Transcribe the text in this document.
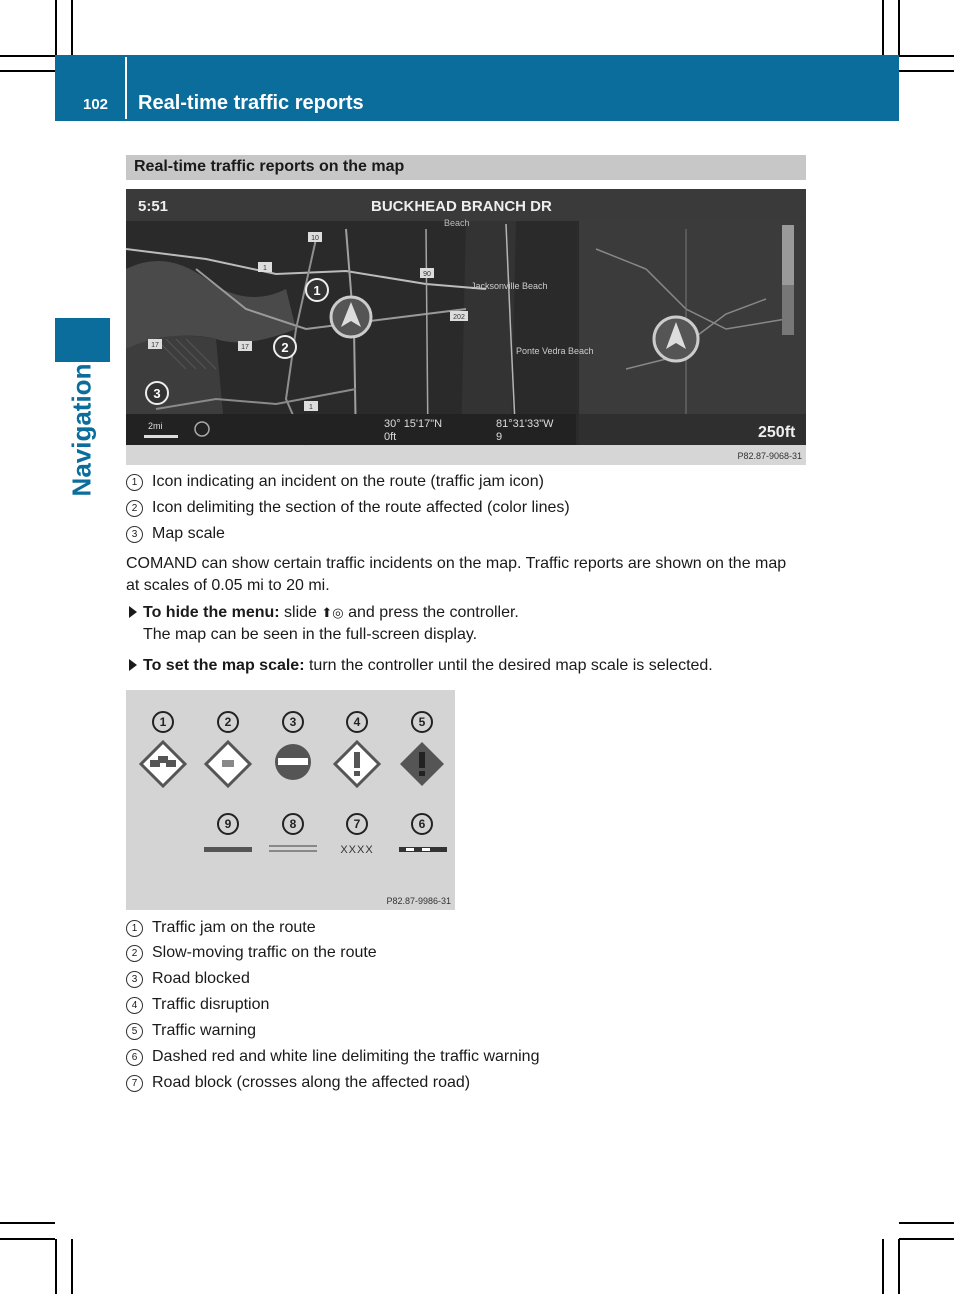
102 Real-time traffic reports
Navigation
Real-time traffic reports on the map
1
2
3
10
90
1
17	17
1
202
5:51	BUCKHEAD BRANCH DR
Beach
Jacksonville Beach
Ponte Vedra Beach
2mi	30° 15'17"N
0ft
81°31'33"W
9	250ft
P82.87-9068-31
1 Icon indicating an incident on the route (traffic jam icon)
2 Icon delimiting the section of the route affected (color lines)
3 Map scale
COMAND can show certain traffic incidents on the map. Traffic reports are shown on the map
at scales of 0.05 mi to 20 mi.
To hide the menu: slide ⬆◎ and press the controller.
The map can be seen in the full-screen display.
To set the map scale: turn the controller until the desired map scale is selected.
1	2	3	4	5
9	8	7	6
XXXX
P82.87-9986-31
1 Traffic jam on the route
2 Slow-moving traffic on the route
3 Road blocked
4 Traffic disruption
5 Traffic warning
6 Dashed red and white line delimiting the traffic warning
7 Road block (crosses along the affected road)
